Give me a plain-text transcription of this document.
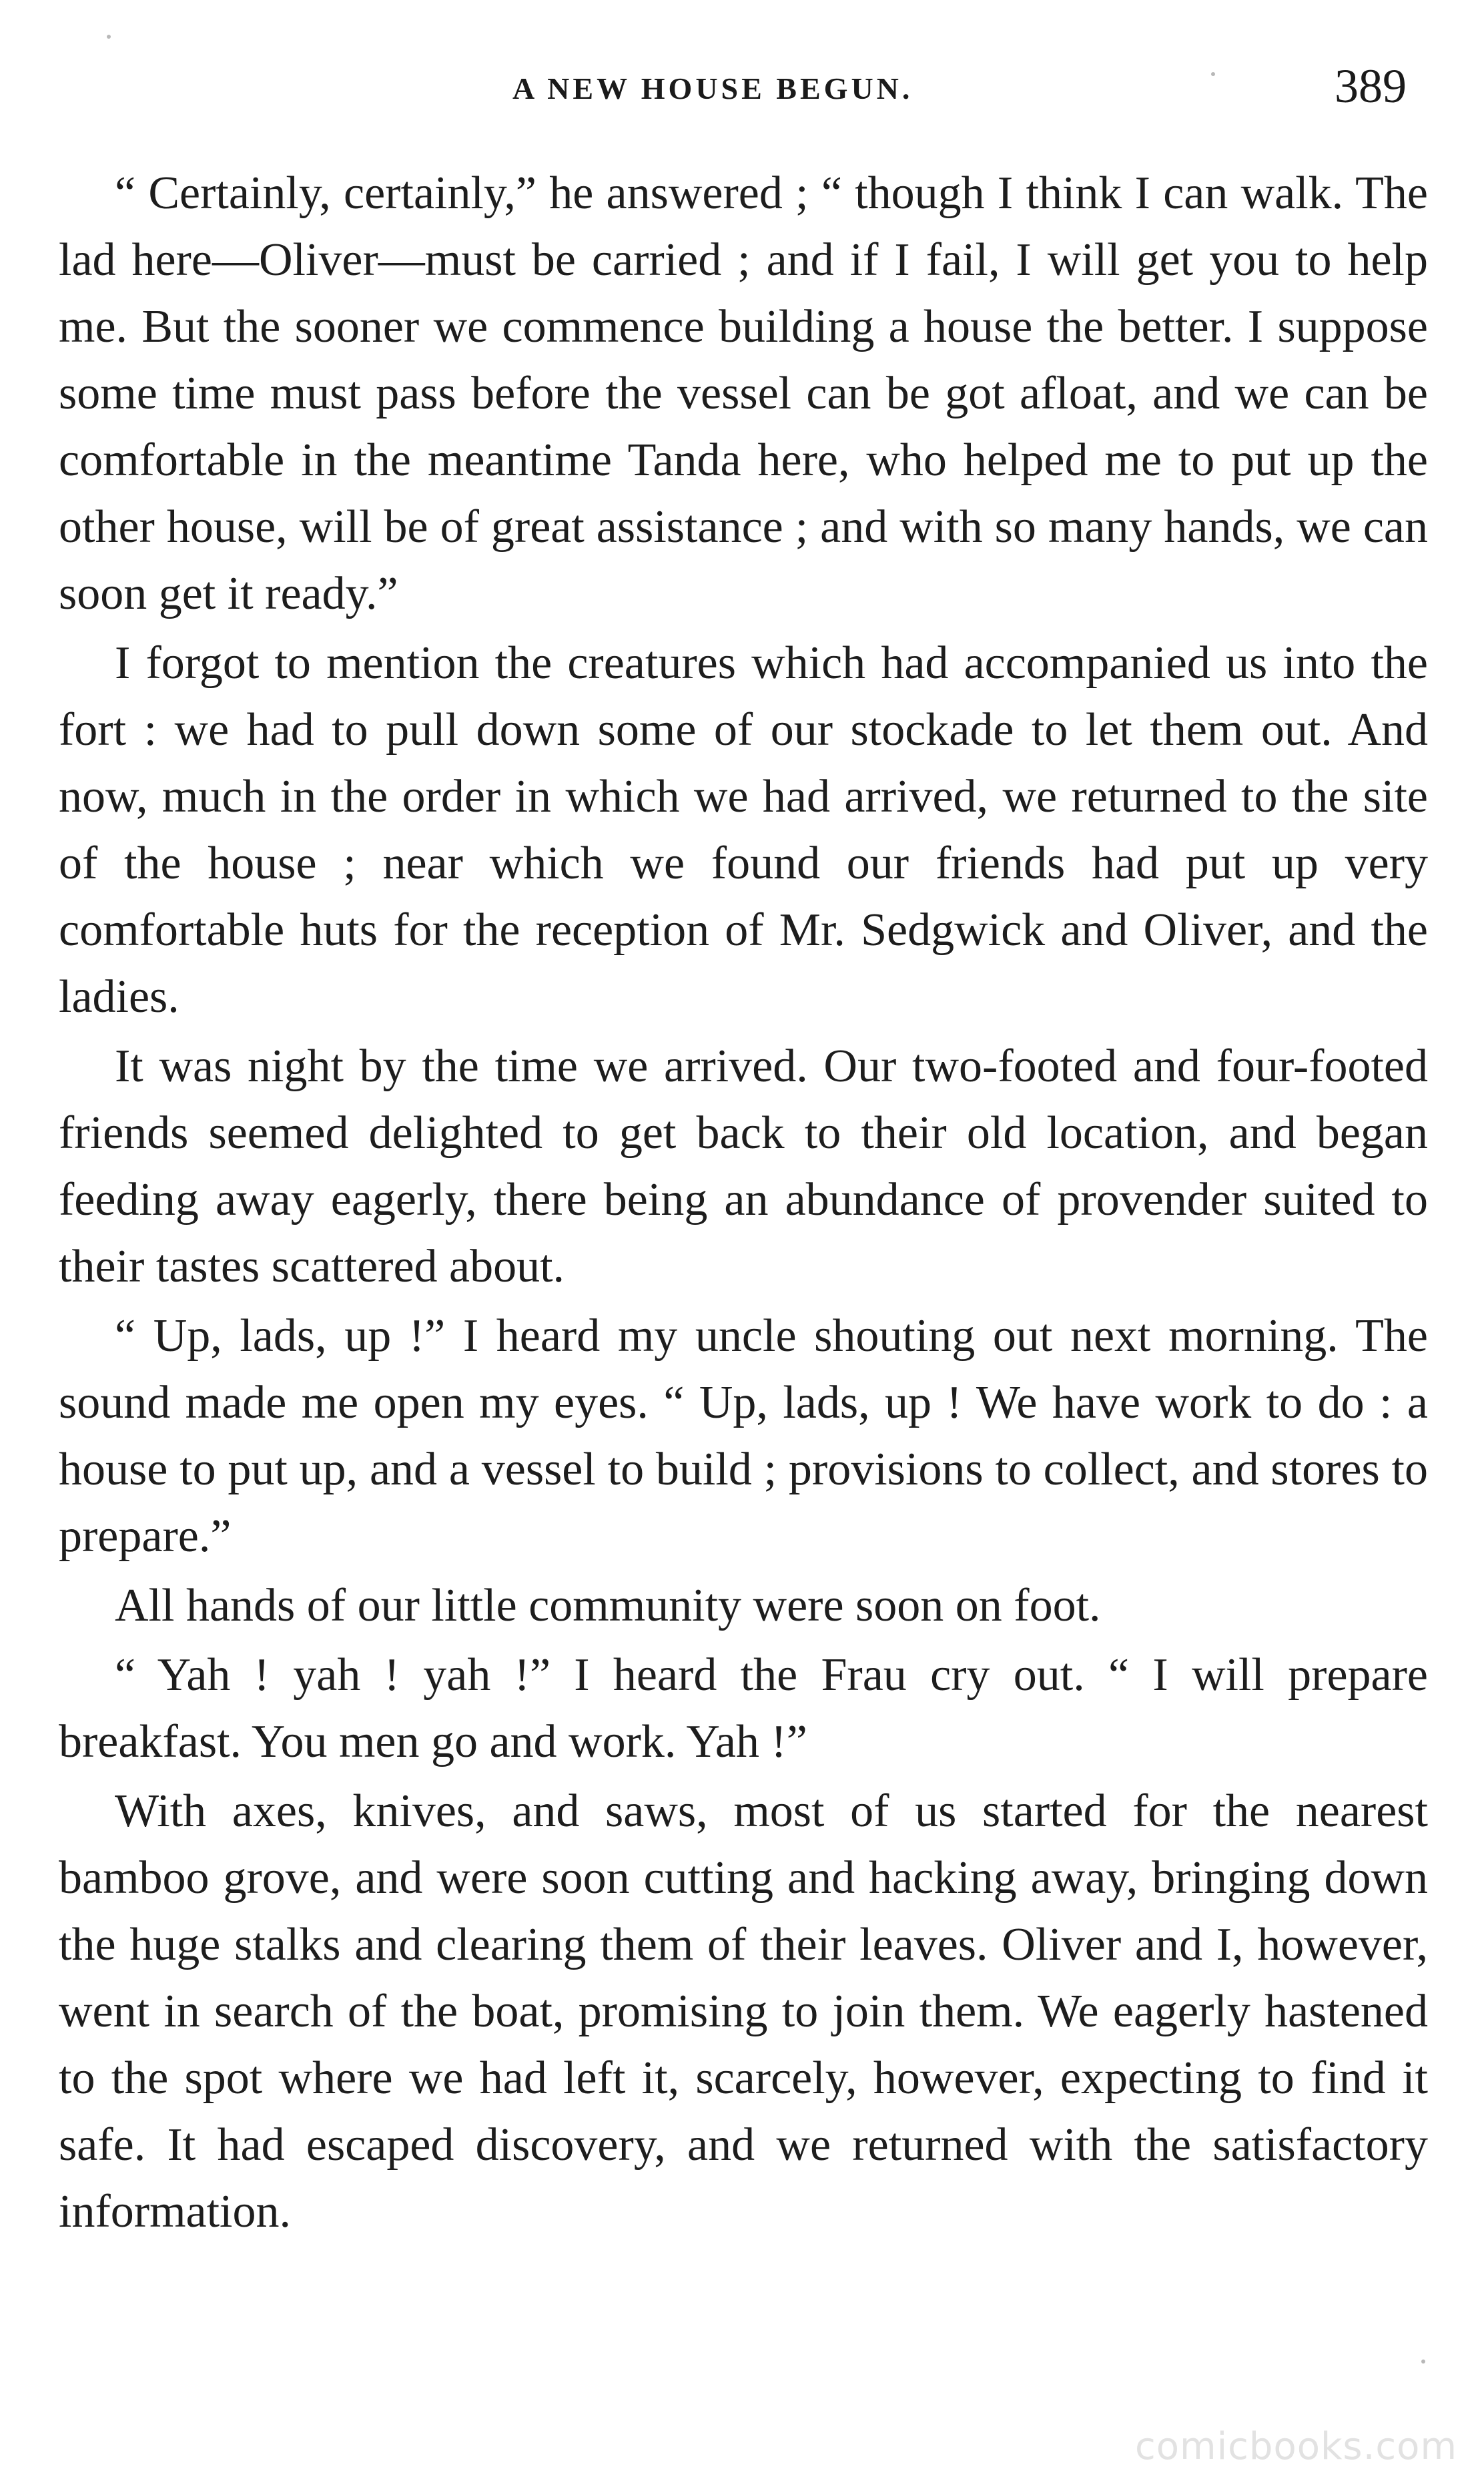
A NEW HOUSE BEGUN.	389

“ Certainly, certainly,” he answered ; “ though I think I can walk. The lad here—Oliver—must be carried ; and if I fail, I will get you to help me. But the sooner we commence building a house the better. I suppose some time must pass before the vessel can be got afloat, and we can be comfortable in the meantime Tanda here, who helped me to put up the other house, will be of great assistance ; and with so many hands, we can soon get it ready.”

I forgot to mention the creatures which had accompanied us into the fort : we had to pull down some of our stockade to let them out. And now, much in the order in which we had arrived, we returned to the site of the house ; near which we found our friends had put up very comfortable huts for the reception of Mr. Sedgwick and Oliver, and the ladies.

It was night by the time we arrived. Our two-footed and four-footed friends seemed delighted to get back to their old location, and began feeding away eagerly, there being an abundance of provender suited to their tastes scattered about.

“ Up, lads, up !” I heard my uncle shouting out next morning. The sound made me open my eyes. “ Up, lads, up ! We have work to do : a house to put up, and a vessel to build ; provisions to collect, and stores to prepare.”

All hands of our little community were soon on foot.

“ Yah ! yah ! yah !” I heard the Frau cry out. “ I will prepare breakfast. You men go and work. Yah !”

With axes, knives, and saws, most of us started for the nearest bamboo grove, and were soon cutting and hacking away, bringing down the huge stalks and clearing them of their leaves. Oliver and I, however, went in search of the boat, promising to join them. We eagerly hastened to the spot where we had left it, scarcely, however, expecting to find it safe. It had escaped discovery, and we returned with the satisfactory information.

comicbooks.com
